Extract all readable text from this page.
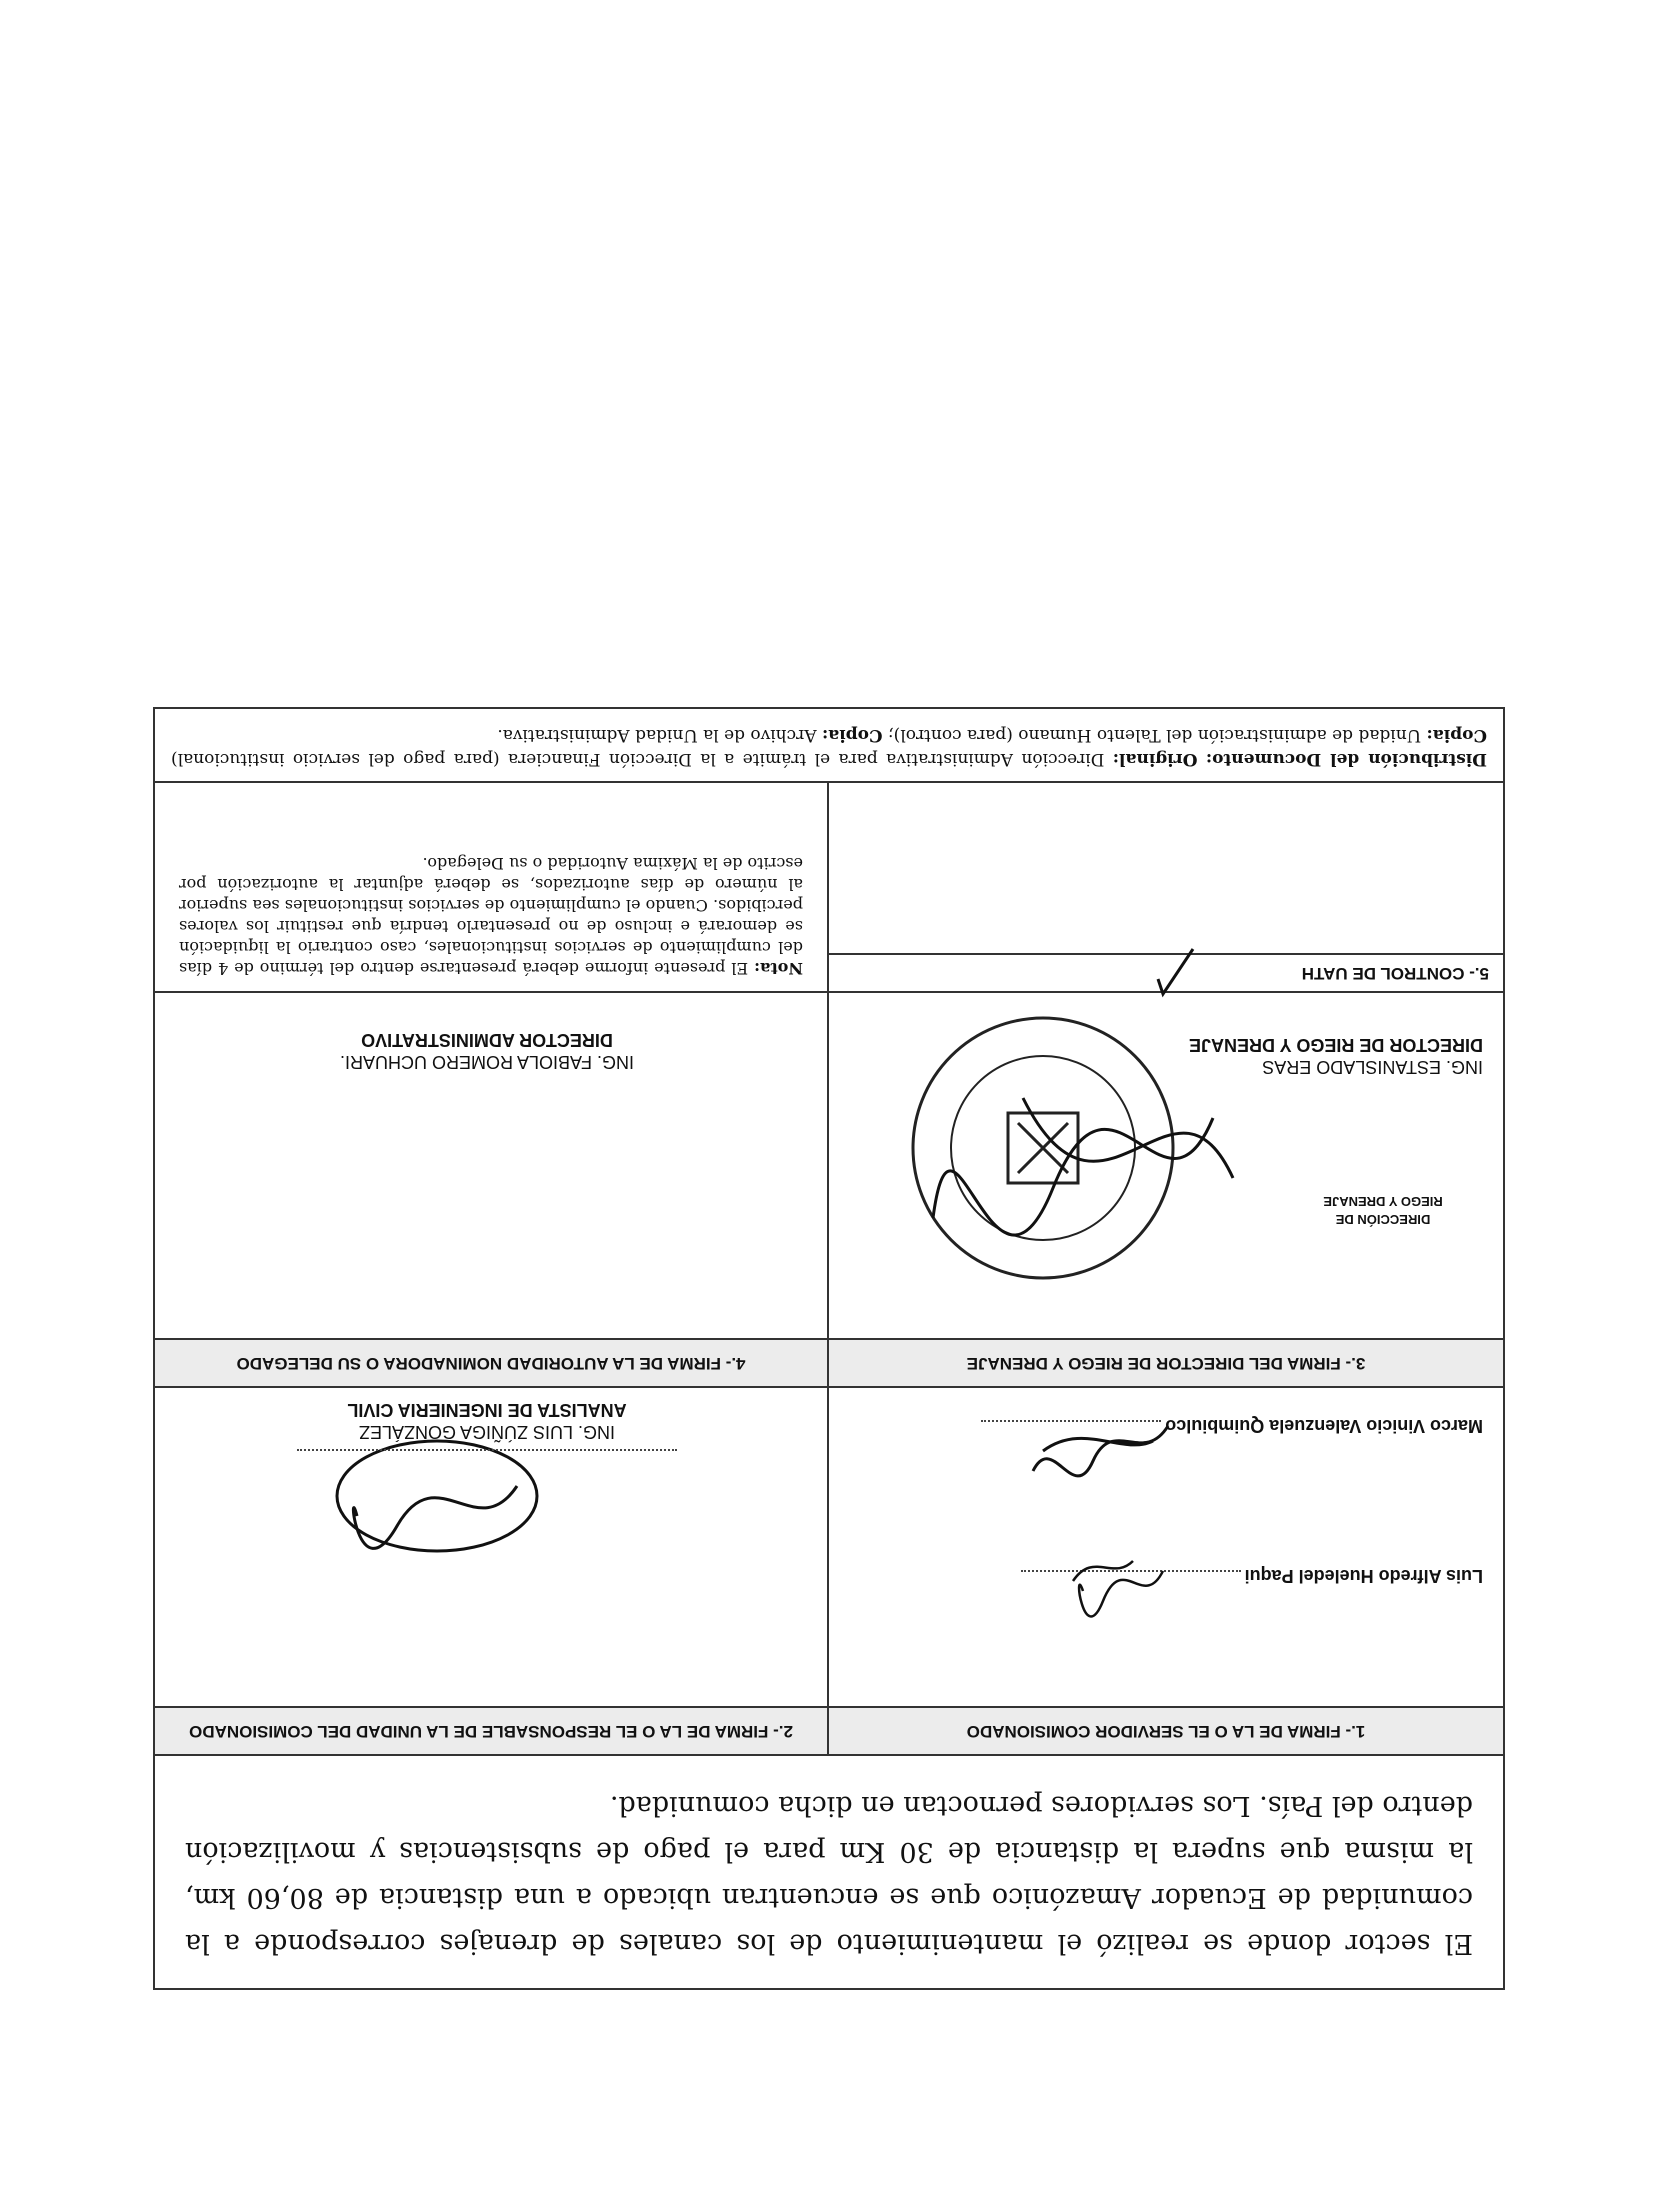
El sector donde se realizó el mantenimiento de los canales de drenajes corresponde a la comunidad de Ecuador Amazónico que se encuentran ubicado a una distancia de 80,60 km, la misma que supera la distancia de 30 Km para el pago de subsistencias y movilización dentro del País. Los servidores pernoctan en dicha comunidad.
1.- FIRMA DE LA O EL SERVIDOR COMISIONADO
2.- FIRMA DE LA O EL RESPONSABLE DE LA UNIDAD DEL COMISIONADO
Luis Alfredo Hueledel Paqui
Marco Vinicio Valenzuela Quimbiulco
ING. LUIS ZÚÑIGA GONZÁLEZ
ANALISTA DE INGENIERIA CIVIL
3.- FIRMA DEL DIRECTOR DE RIEGO Y DRENAJE
4.- FIRMA DE LA AUTORIDAD NOMINADORA O SU DELEGADO
ING. ESTANISLADO ERAS
DIRECTOR DE RIEGO Y DRENAJE
DIRECCIÓN DE
RIEGO Y DRENAJE
ING. FABIOLA ROMERO UCHUARI.
DIRECTOR ADMINISTRATIVO
5.- CONTROL DE UATH
Nota: El presente informe deberá presentarse dentro del término de 4 días del cumplimiento de servicios institucionales, caso contrario la liquidación se demorará e incluso de no presentarlo tendría que restituir los valores percibidos. Cuando el cumplimiento de servicios institucionales sea superior al número de días autorizados, se deberá adjuntar la autorización por escrito de la Máxima Autoridad o su Delegado.
Distribución del Documento: Original: Dirección Administrativa para el trámite a la Dirección Financiera (para pago del servicio institucional) Copia: Unidad de administración del Talento Humano (para control); Copia: Archivo de la Unidad Administrativa.
